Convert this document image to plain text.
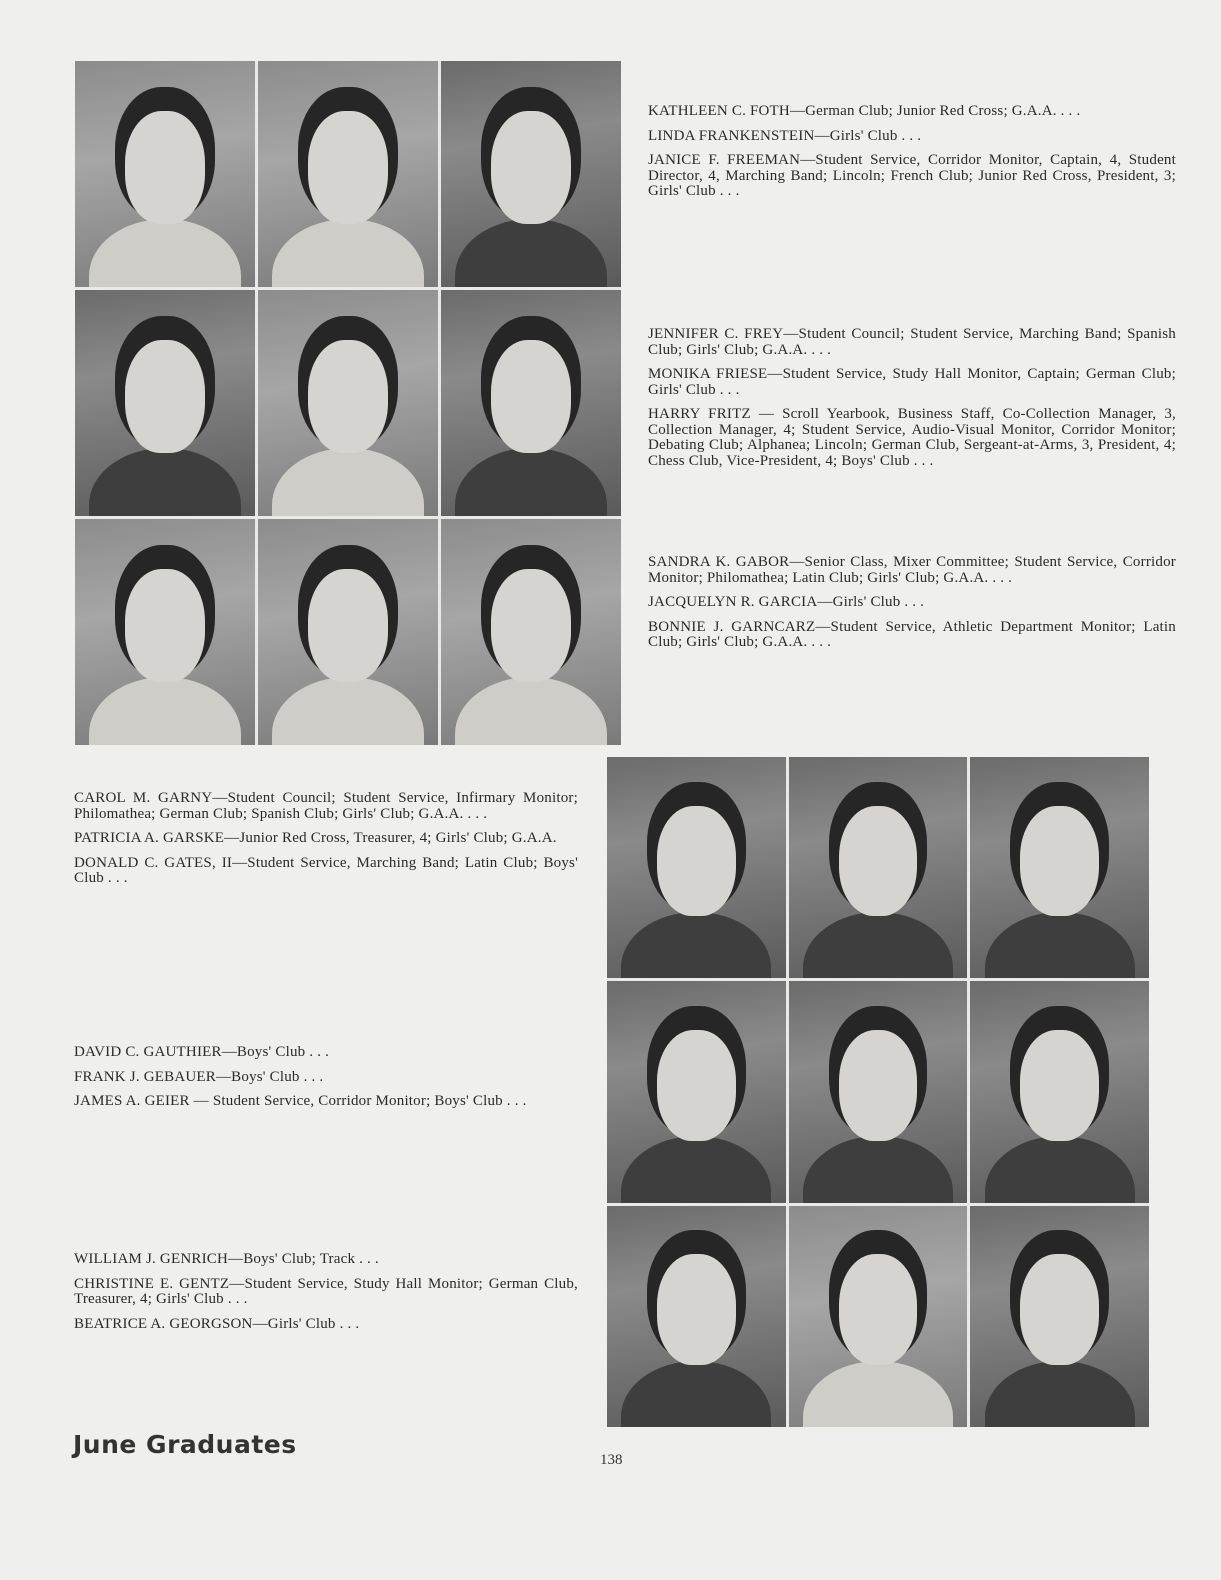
KATHLEEN C. FOTH—German Club; Junior Red Cross; G.A.A. . . .

LINDA FRANKENSTEIN—Girls' Club . . .

JANICE F. FREEMAN—Student Service, Corridor Monitor, Captain, 4, Student Director, 4, Marching Band; Lincoln; French Club; Junior Red Cross, President, 3; Girls' Club . . .

JENNIFER C. FREY—Student Council; Student Service, Marching Band; Spanish Club; Girls' Club; G.A.A. . . .

MONIKA FRIESE—Student Service, Study Hall Monitor, Captain; German Club; Girls' Club . . .

HARRY FRITZ — Scroll Yearbook, Business Staff, Co-Collection Manager, 3, Collection Manager, 4; Student Service, Audio-Visual Monitor, Corridor Monitor; Debating Club; Alphanea; Lincoln; German Club, Sergeant-at-Arms, 3, President, 4; Chess Club, Vice-President, 4; Boys' Club . . .

SANDRA K. GABOR—Senior Class, Mixer Committee; Student Service, Corridor Monitor; Philomathea; Latin Club; Girls' Club; G.A.A. . . .

JACQUELYN R. GARCIA—Girls' Club . . .

BONNIE J. GARNCARZ—Student Service, Athletic Department Monitor; Latin Club; Girls' Club; G.A.A. . . .

CAROL M. GARNY—Student Council; Student Service, Infirmary Monitor; Philomathea; German Club; Spanish Club; Girls' Club; G.A.A. . . .

PATRICIA A. GARSKE—Junior Red Cross, Treasurer, 4; Girls' Club; G.A.A.

DONALD C. GATES, II—Student Service, Marching Band; Latin Club; Boys' Club . . .

DAVID C. GAUTHIER—Boys' Club . . .

FRANK J. GEBAUER—Boys' Club . . .

JAMES A. GEIER — Student Service, Corridor Monitor; Boys' Club . . .

WILLIAM J. GENRICH—Boys' Club; Track . . .

CHRISTINE E. GENTZ—Student Service, Study Hall Monitor; German Club, Treasurer, 4; Girls' Club . . .

BEATRICE A. GEORGSON—Girls' Club . . .

June Graduates
138
